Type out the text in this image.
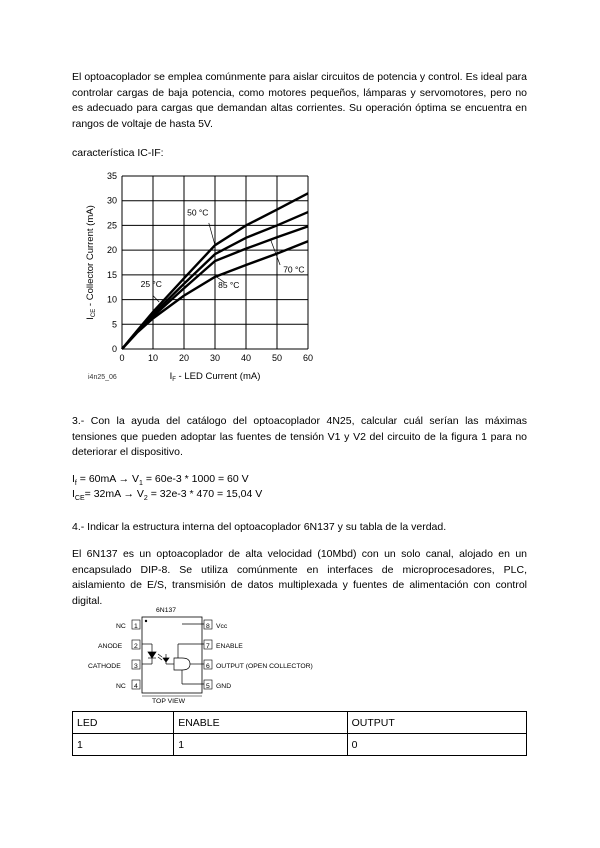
El optoacoplador se emplea comúnmente para aislar circuitos de potencia y control. Es ideal para controlar cargas de baja potencia, como motores pequeños, lámparas y servomotores, pero no es adecuado para cargas que demandan altas corrientes. Su operación óptima se encuentra en rangos de voltaje de hasta 5V.

característica IC-IF:

0	10 20 30 40 50 60
0
5
10
15
20
25
30
35
25 °C
50 °C
70 °C
85 °C
$I_F$ - LED Current (mA)
$I_{CE}$ - Collector Current (mA)
i4n25_06

3.- Con la ayuda del catálogo del optoacoplador 4N25, calcular cuál serían las máximas tensiones que pueden adoptar las fuentes de tensión V1 y V2 del circuito de la figura 1 para no deteriorar el dispositivo.

$I_f = 60mA \to V_1 = 60e-3 * 1000 = 60$ V

$I_{CE}= 32mA \to V_2 = 32e-3 * 470 = 15,04$ V

4.- Indicar la estructura interna del optoacoplador 6N137 y su tabla de la verdad.

El 6N137 es un optoacoplador de alta velocidad (10Mbd) con un solo canal, alojado en un encapsulado DIP-8. Se utiliza comúnmente en interfaces de microprocesadores, PLC, aislamiento de E/S, transmisión de datos multiplexada y fuentes de alimentación con control digital.

6N137
NC 1
ANODE 2
CATHODE 3
NC 4
8 Vcc
7 ENABLE
6 OUTPUT (OPEN COLLECTOR)
5 GND
TOP VIEW
LED	ENABLE	OUTPUT
1	1	0
